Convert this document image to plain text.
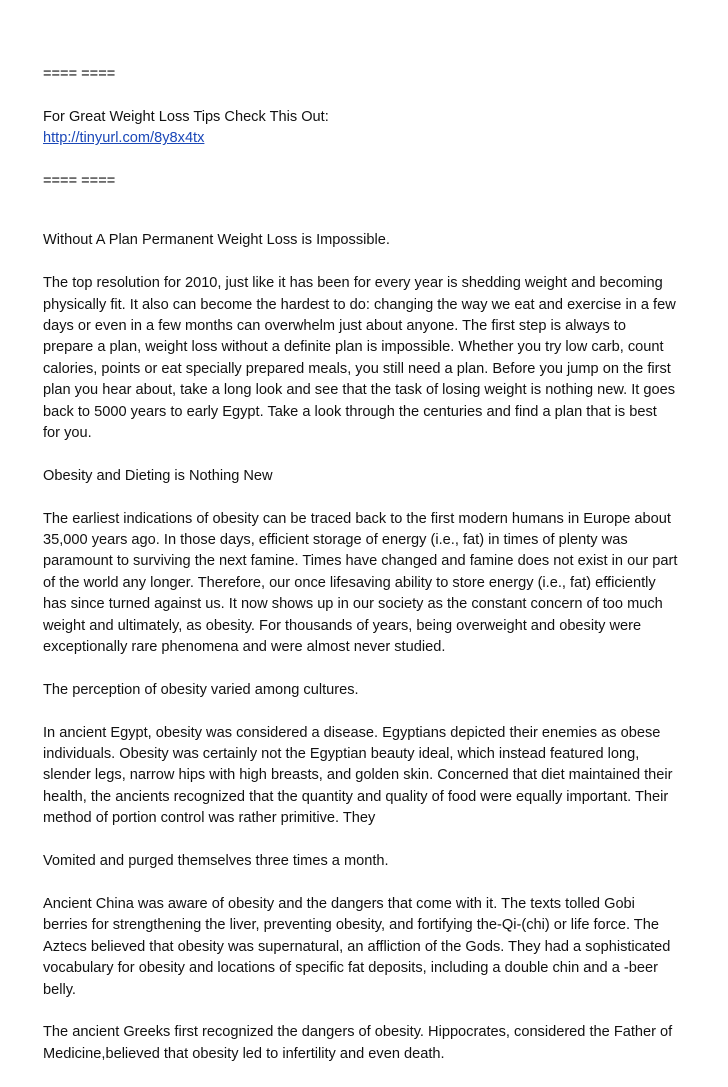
==== ====

For Great Weight Loss Tips Check This Out:
http://tinyurl.com/8y8x4tx

==== ====

Without A Plan Permanent Weight Loss is Impossible.

The top resolution for 2010, just like it has been for every year is shedding weight and becoming
physically fit. It also can become the hardest to do: changing the way we eat and exercise in a few
days or even in a few months can overwhelm just about anyone. The first step is always to
prepare a plan, weight loss without a definite plan is impossible. Whether you try low carb, count
calories, points or eat specially prepared meals, you still need a plan. Before you jump on the first
plan you hear about, take a long look and see that the task of losing weight is nothing new. It goes
back to 5000 years to early Egypt. Take a look through the centuries and find a plan that is best
for you.

Obesity and Dieting is Nothing New

The earliest indications of obesity can be traced back to the first modern humans in Europe about
35,000 years ago. In those days, efficient storage of energy (i.e., fat) in times of plenty was
paramount to surviving the next famine. Times have changed and famine does not exist in our part
of the world any longer. Therefore, our once lifesaving ability to store energy (i.e., fat) efficiently
has since turned against us. It now shows up in our society as the constant concern of too much
weight and ultimately, as obesity. For thousands of years, being overweight and obesity were
exceptionally rare phenomena and were almost never studied.

The perception of obesity varied among cultures.

In ancient Egypt, obesity was considered a disease. Egyptians depicted their enemies as obese
individuals. Obesity was certainly not the Egyptian beauty ideal, which instead featured long,
slender legs, narrow hips with high breasts, and golden skin. Concerned that diet maintained their
health, the ancients recognized that the quantity and quality of food were equally important. Their
method of portion control was rather primitive. They

Vomited and purged themselves three times a month.

Ancient China was aware of obesity and the dangers that come with it. The texts tolled Gobi
berries for strengthening the liver, preventing obesity, and fortifying the-Qi-(chi) or life force. The
Aztecs believed that obesity was supernatural, an affliction of the Gods. They had a sophisticated
vocabulary for obesity and locations of specific fat deposits, including a double chin and a -beer
belly.

The ancient Greeks first recognized the dangers of obesity. Hippocrates, considered the Father of
Medicine,believed that obesity led to infertility and even death.
